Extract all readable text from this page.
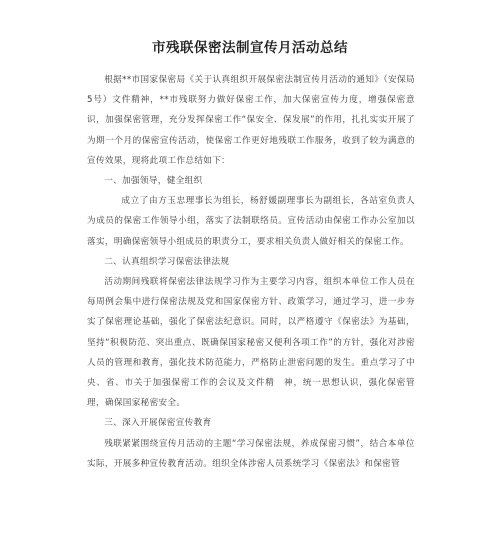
市残联保密法制宣传月活动总结

根据**市国家保密局《关于认真组织开展保密法制宣传月活动的通知》（安保局5号）文件精神，**市残联努力做好保密工作，加大保密宣传力度，增强保密意识，加强保密管理，充分发挥保密工作“保安全、保发展”的作用，扎扎实实开展了为期一个月的保密宣传活动，使保密工作更好地残联工作服务，收到了较为满意的宣传效果，现将此项工作总结如下：

一、加强领导，健全组织

成立了由方玉忠理事长为组长，杨舒媛副理事长为副组长，各站室负责人为成员的保密工作领导小组，落实了法制联络员。宣传活动由保密工作办公室加以落实，明确保密领导小组成员的职责分工，要求相关负责人做好相关的保密工作。

二、认真组织学习保密法律法规

活动期间残联将保密法律法规学习作为主要学习内容，组织本单位工作人员在每周例会集中进行保密法规及党和国家保密方针、政策学习，通过学习，进一步夯实了保密理论基础，强化了保密法纪意识。同时，以严格遵守《保密法》为基础，坚持“积极防范、突出重点、既确保国家秘密又便利各项工作”的方针，强化对涉密人员的管理和教育，强化技术防范能力，严格防止泄密问题的发生。重点学习了中央、省、市关于加强保密工作的会议及文件精　神，统一思想认识，强化保密管理，确保国家秘密安全。

三、深入开展保密宣传教育

残联紧紧围绕宣传月活动的主题“学习保密法规，养成保密习惯”，结合本单位实际，开展多种宣传教育活动。组织全体涉密人员系统学习《保密法》和保密管
